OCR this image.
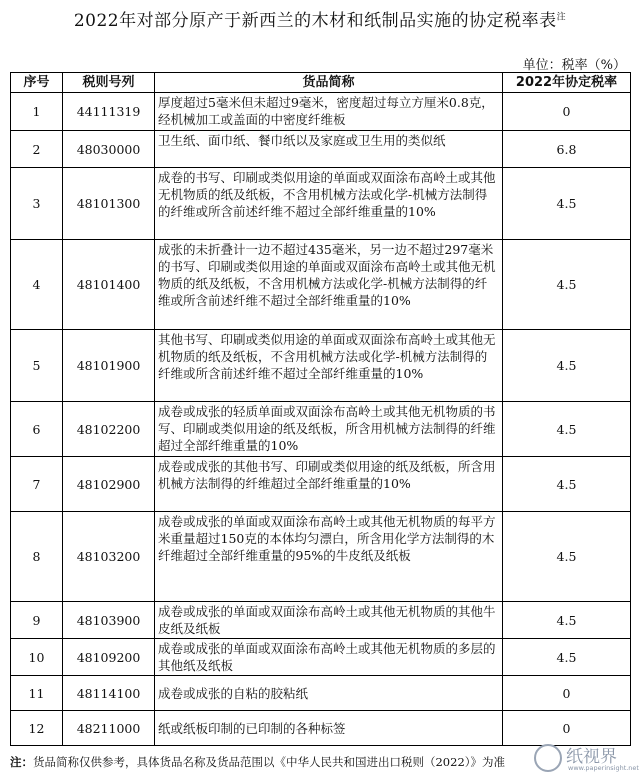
2022年对部分原产于新西兰的木材和纸制品实施的协定税率表$^注$
单位：税率（%）
序号	税则号列	货品简称	2022年协定税率
1	44111319	厚度超过5毫米但未超过9毫米，密度超过每立方厘米0.8克，经机械加工或盖面的中密度纤维板	0
2	48030000	卫生纸、面巾纸、餐巾纸以及家庭或卫生用的类似纸	6.8
3	48101300	成卷的书写、印刷或类似用途的单面或双面涂布高岭土或其他无机物质的纸及纸板，不含用机械方法或化学-机械方法制得的纤维或所含前述纤维不超过全部纤维重量的10%	4.5
4	48101400	成张的未折叠计一边不超过435毫米，另一边不超过297毫米的书写、印刷或类似用途的单面或双面涂布高岭土或其他无机物质的纸及纸板，不含用机械方法或化学-机械方法制得的纤维或所含前述纤维不超过全部纤维重量的10%	4.5
5	48101900	其他书写、印刷或类似用途的单面或双面涂布高岭土或其他无机物质的纸及纸板，不含用机械方法或化学-机械方法制得的纤维或所含前述纤维不超过全部纤维重量的10%	4.5
6	48102200	成卷或成张的轻质单面或双面涂布高岭土或其他无机物质的书写、印刷或类似用途的纸及纸板，所含用机械方法制得的纤维超过全部纤维重量的10%	4.5
7	48102900	成卷或成张的其他书写、印刷或类似用途的纸及纸板，所含用机械方法制得的纤维超过全部纤维重量的10%	4.5
8	48103200	成卷或成张的单面或双面涂布高岭土或其他无机物质的每平方米重量超过150克的本体均匀漂白，所含用化学方法制得的木纤维超过全部纤维重量的95%的牛皮纸及纸板	4.5
9	48103900	成卷或成张的单面或双面涂布高岭土或其他无机物质的其他牛皮纸及纸板	4.5
10	48109200	成卷或成张的单面或双面涂布高岭土或其他无机物质的多层的其他纸及纸板	4.5
11	48114100	成卷或成张的自粘的胶粘纸	0
12	48211000	纸或纸板印制的已印制的各种标签	0
注：货品简称仅供参考，具体货品名称及货品范围以《中华人民共和国进出口税则（2022）》为准	纸视界
www.paperinsight.net
